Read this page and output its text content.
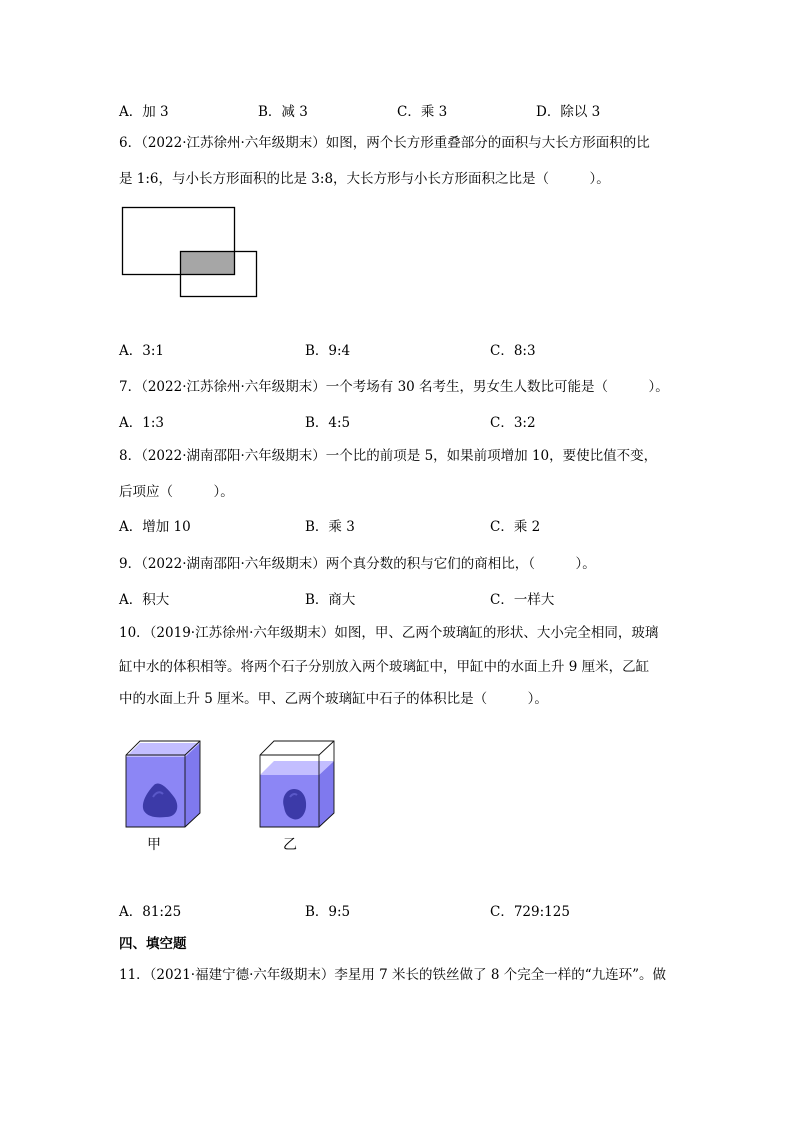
A．加 3	B．减 3	C．乘 3	D．除以 3
6．（2022·江苏徐州·六年级期末）如图，两个长方形重叠部分的面积与大长方形面积的比
是 1:6，与小长方形面积的比是 3:8，大长方形与小长方形面积之比是（　　　）。
A．3:1	B．9:4	C．8:3
7．（2022·江苏徐州·六年级期末）一个考场有 30 名考生，男女生人数比可能是（　　　）。
A．1:3	B．4:5	C．3:2
8．（2022·湖南邵阳·六年级期末）一个比的前项是 5，如果前项增加 10，要使比值不变，
后项应（　　　）。
A．增加 10	B．乘 3	C．乘 2
9．（2022·湖南邵阳·六年级期末）两个真分数的积与它们的商相比，（　　　）。
A．积大	B．商大	C．一样大
10．（2019·江苏徐州·六年级期末）如图，甲、乙两个玻璃缸的形状、大小完全相同，玻璃
缸中水的体积相等。将两个石子分别放入两个玻璃缸中，甲缸中的水面上升 9 厘米，乙缸
中的水面上升 5 厘米。甲、乙两个玻璃缸中石子的体积比是（　　　）。
甲	乙
A．81:25	B．9:5	C．729:125
四、填空题
11．（2021·福建宁德·六年级期末）李星用 7 米长的铁丝做了 8 个完全一样的“九连环”。做
